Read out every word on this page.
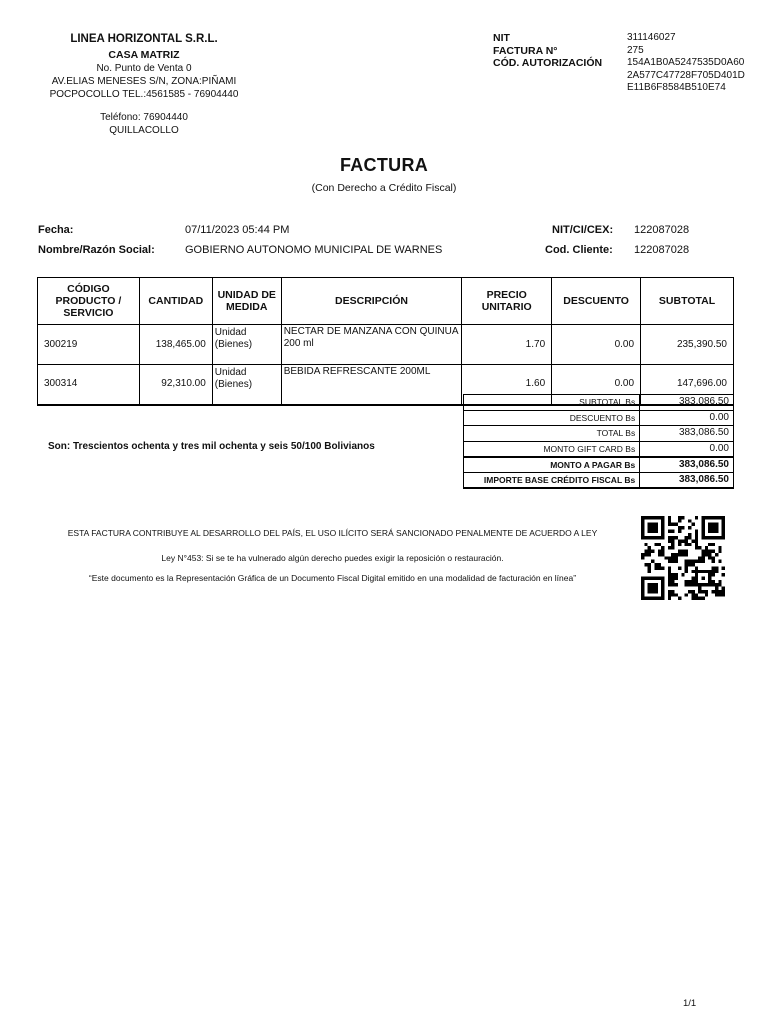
LINEA HORIZONTAL S.R.L.
CASA MATRIZ
No. Punto de Venta 0
AV.ELIAS MENESES S/N, ZONA:PIÑAMI
POCPOCOLLO TEL.:4561585 - 76904440
Teléfono: 76904440
QUILLACOLLO
NIT	311146027
FACTURA N°	275
CÓD. AUTORIZACIÓN	154A1B0A5247535D0A602A577C47728F705D401DE11B6F8584B510E74
FACTURA
(Con Derecho a Crédito Fiscal)
Fecha:	07/11/2023 05:44 PM
Nombre/Razón Social:	GOBIERNO AUTONOMO MUNICIPAL DE WARNES
NIT/CI/CEX: 122087028
Cod. Cliente: 122087028
CÓDIGO PRODUCTO / SERVICIO	CANTIDAD	UNIDAD DE MEDIDA	DESCRIPCIÓN	PRECIO UNITARIO	DESCUENTO	SUBTOTAL
300219	138,465.00	Unidad (Bienes)	NECTAR DE MANZANA CON QUINUA 200 ml	1.70	0.00	235,390.50
300314	92,310.00	Unidad (Bienes)	BEBIDA REFRESCANTE 200ML	1.60	0.00	147,696.00
SUBTOTAL Bs	383,086.50
DESCUENTO Bs	0.00
TOTAL Bs	383,086.50
MONTO GIFT CARD Bs	0.00
MONTO A PAGAR Bs	383,086.50
IMPORTE BASE CRÉDITO FISCAL Bs	383,086.50
Son: Trescientos ochenta y tres mil ochenta y seis 50/100 Bolivianos
ESTA FACTURA CONTRIBUYE AL DESARROLLO DEL PAÍS, EL USO ILÍCITO SERÁ SANCIONADO PENALMENTE DE ACUERDO A LEY
Ley N°453: Si se te ha vulnerado algún derecho puedes exigir la reposición o restauración.
“Este documento es la Representación Gráfica de un Documento Fiscal Digital emitido en una modalidad de facturación en línea”
1/1
